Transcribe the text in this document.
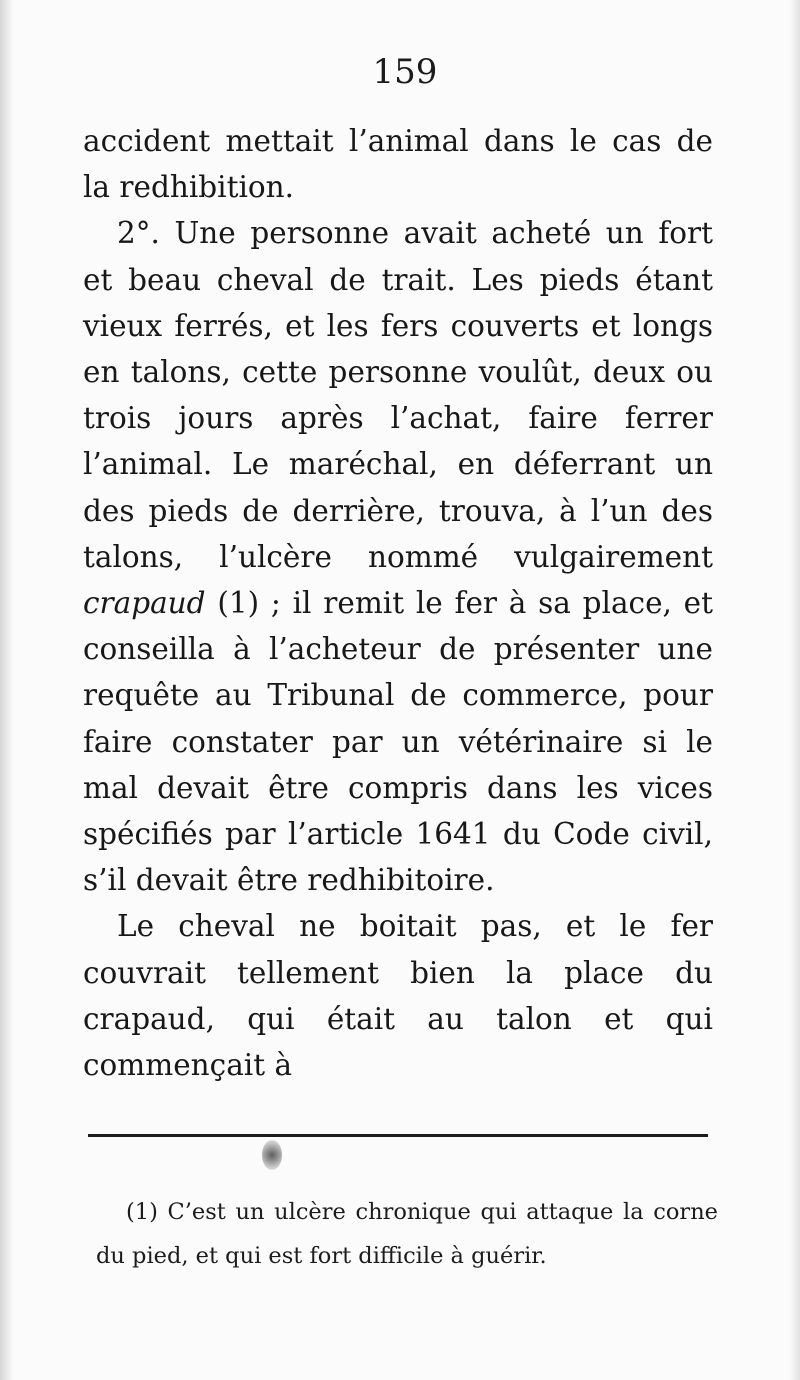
159

accident mettait l’animal dans le cas de la redhibition.

2°. Une personne avait acheté un fort et beau cheval de trait. Les pieds étant vieux ferrés, et les fers couverts et longs en talons, cette personne voulût, deux ou trois jours après l’achat, faire ferrer l’animal. Le maréchal, en déferrant un des pieds de derrière, trouva, à l’un des talons, l’ulcère nommé vulgairement crapaud (1) ; il remit le fer à sa place, et conseilla à l’acheteur de présenter une requête au Tribunal de commerce, pour faire constater par un vétérinaire si le mal devait être compris dans les vices spécifiés par l’article 1641 du Code civil, s’il devait être redhibitoire.

Le cheval ne boitait pas, et le fer couvrait tellement bien la place du crapaud, qui était au talon et qui commençait à

(1) C’est un ulcère chronique qui attaque la corne du pied, et qui est fort difficile à guérir.
